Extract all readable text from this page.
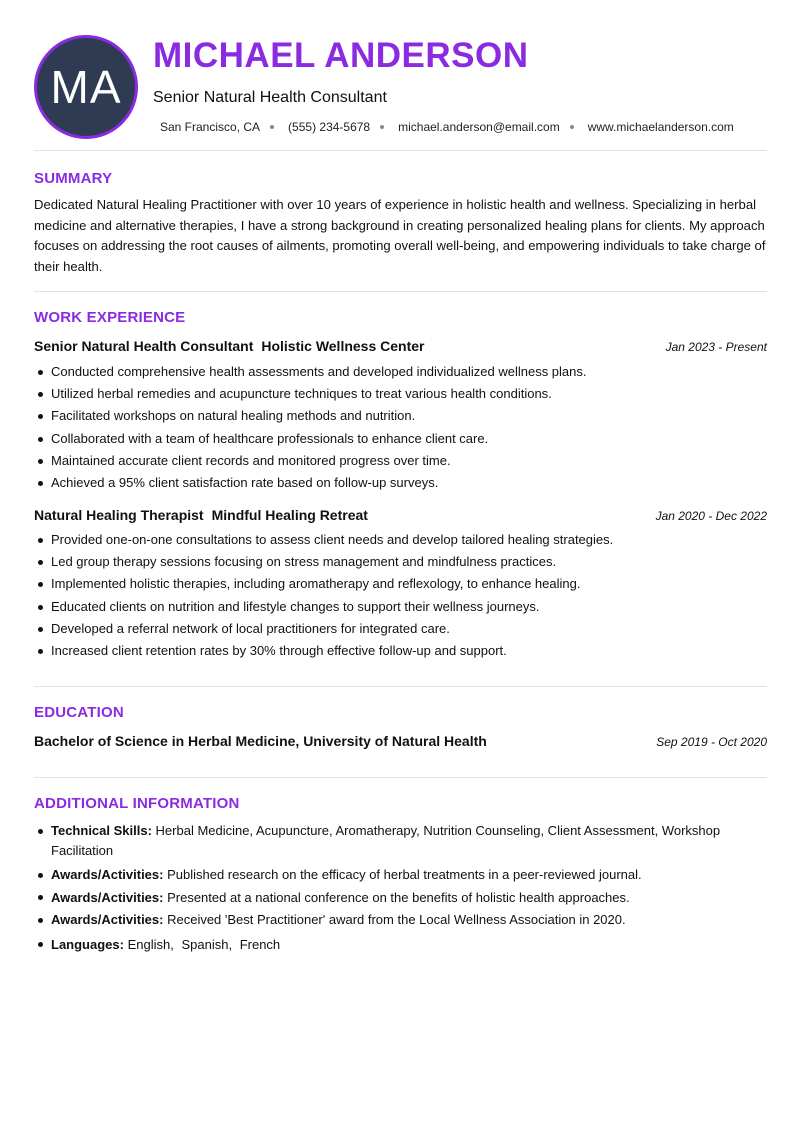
MA
MICHAEL ANDERSON
Senior Natural Health Consultant
San Francisco, CA (555) 234-5678 michael.anderson@email.com www.michaelanderson.com
SUMMARY
Dedicated Natural Healing Practitioner with over 10 years of experience in holistic health and wellness. Specializing in herbal medicine and alternative therapies, I have a strong background in creating personalized healing plans for clients. My approach focuses on addressing the root causes of ailments, promoting overall well-being, and empowering individuals to take charge of their health.
WORK EXPERIENCE
Senior Natural Health Consultant Holistic Wellness Center	Jan 2023 - Present
Conducted comprehensive health assessments and developed individualized wellness plans.
Utilized herbal remedies and acupuncture techniques to treat various health conditions.
Facilitated workshops on natural healing methods and nutrition.
Collaborated with a team of healthcare professionals to enhance client care.
Maintained accurate client records and monitored progress over time.
Achieved a 95% client satisfaction rate based on follow-up surveys.
Natural Healing Therapist Mindful Healing Retreat	Jan 2020 - Dec 2022
Provided one-on-one consultations to assess client needs and develop tailored healing strategies.
Led group therapy sessions focusing on stress management and mindfulness practices.
Implemented holistic therapies, including aromatherapy and reflexology, to enhance healing.
Educated clients on nutrition and lifestyle changes to support their wellness journeys.
Developed a referral network of local practitioners for integrated care.
Increased client retention rates by 30% through effective follow-up and support.
EDUCATION
Bachelor of Science in Herbal Medicine, University of Natural Health	Sep 2019 - Oct 2020
ADDITIONAL INFORMATION
Technical Skills: Herbal Medicine, Acupuncture, Aromatherapy, Nutrition Counseling, Client Assessment, Workshop Facilitation
Awards/Activities: Published research on the efficacy of herbal treatments in a peer-reviewed journal.
Awards/Activities: Presented at a national conference on the benefits of holistic health approaches.
Awards/Activities: Received 'Best Practitioner' award from the Local Wellness Association in 2020.
Languages: English, Spanish, French
